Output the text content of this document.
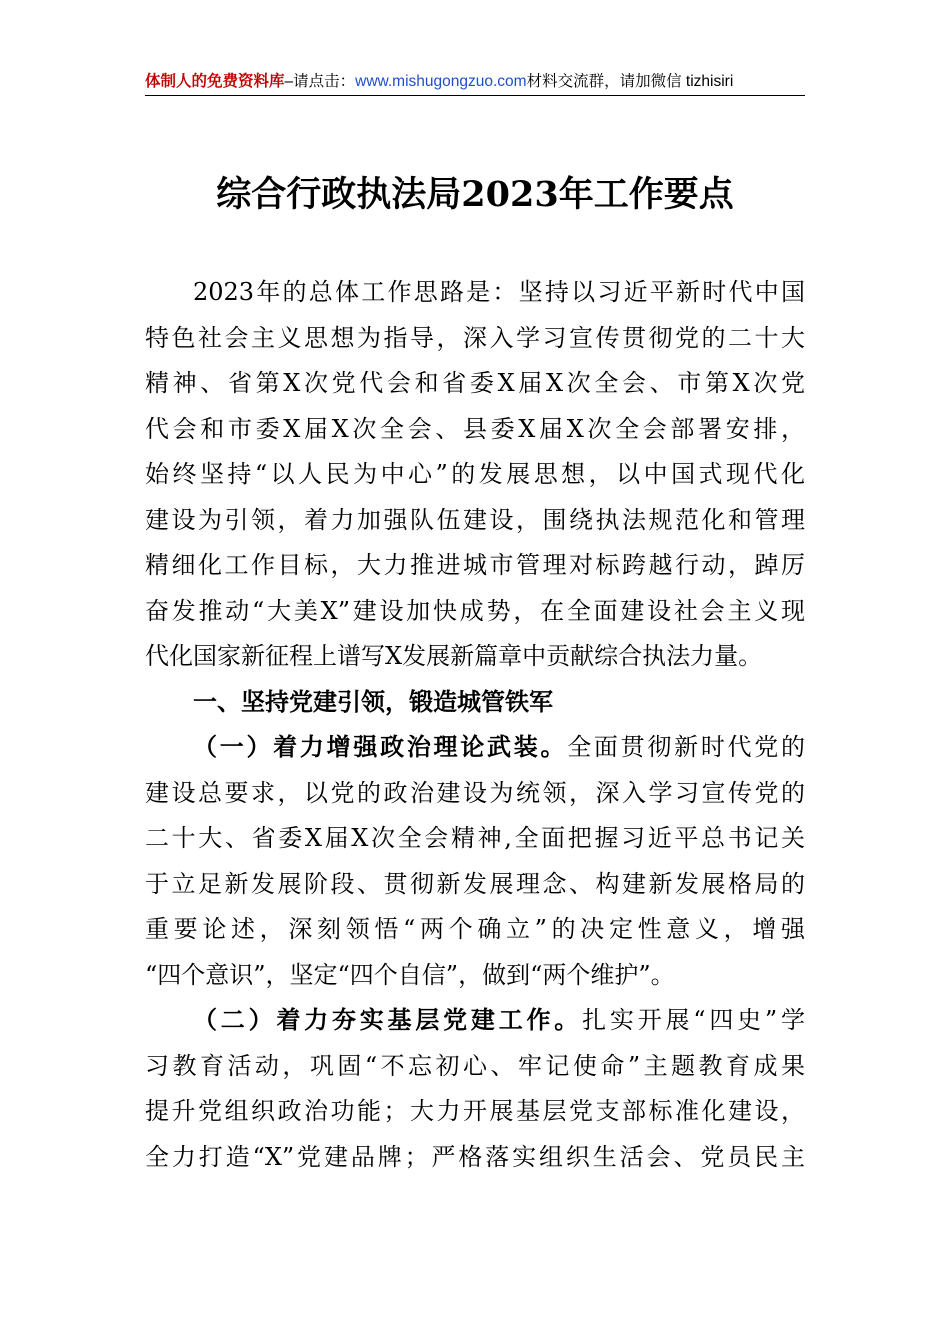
体制人的免费资料库–请点击：www.mishugongzuo.com材料交流群，请加微信 tizhisiri
综合行政执法局2023年工作要点
2023年的总体工作思路是：坚持以习近平新时代中国
特色社会主义思想为指导，深入学习宣传贯彻党的二十大
精神、省第X次党代会和省委X届X次全会、市第X次党
代会和市委X届X次全会、县委X届X次全会部署安排，
始终坚持“以人民为中心”的发展思想，以中国式现代化
建设为引领，着力加强队伍建设，围绕执法规范化和管理
精细化工作目标，大力推进城市管理对标跨越行动，踔厉
奋发推动“大美X”建设加快成势，在全面建设社会主义现
代化国家新征程上谱写X发展新篇章中贡献综合执法力量。
一、坚持党建引领，锻造城管铁军
（一）着力增强政治理论武装。全面贯彻新时代党的
建设总要求，以党的政治建设为统领，深入学习宣传党的
二十大、省委X届X次全会精神,全面把握习近平总书记关
于立足新发展阶段、贯彻新发展理念、构建新发展格局的
重要论述，深刻领悟“两个确立”的决定性意义，增强
“四个意识”，坚定“四个自信”，做到“两个维护”。
（二）着力夯实基层党建工作。扎实开展“四史”学
习教育活动，巩固“不忘初心、牢记使命”主题教育成果
提升党组织政治功能；大力开展基层党支部标准化建设，
全力打造“X”党建品牌；严格落实组织生活会、党员民主
